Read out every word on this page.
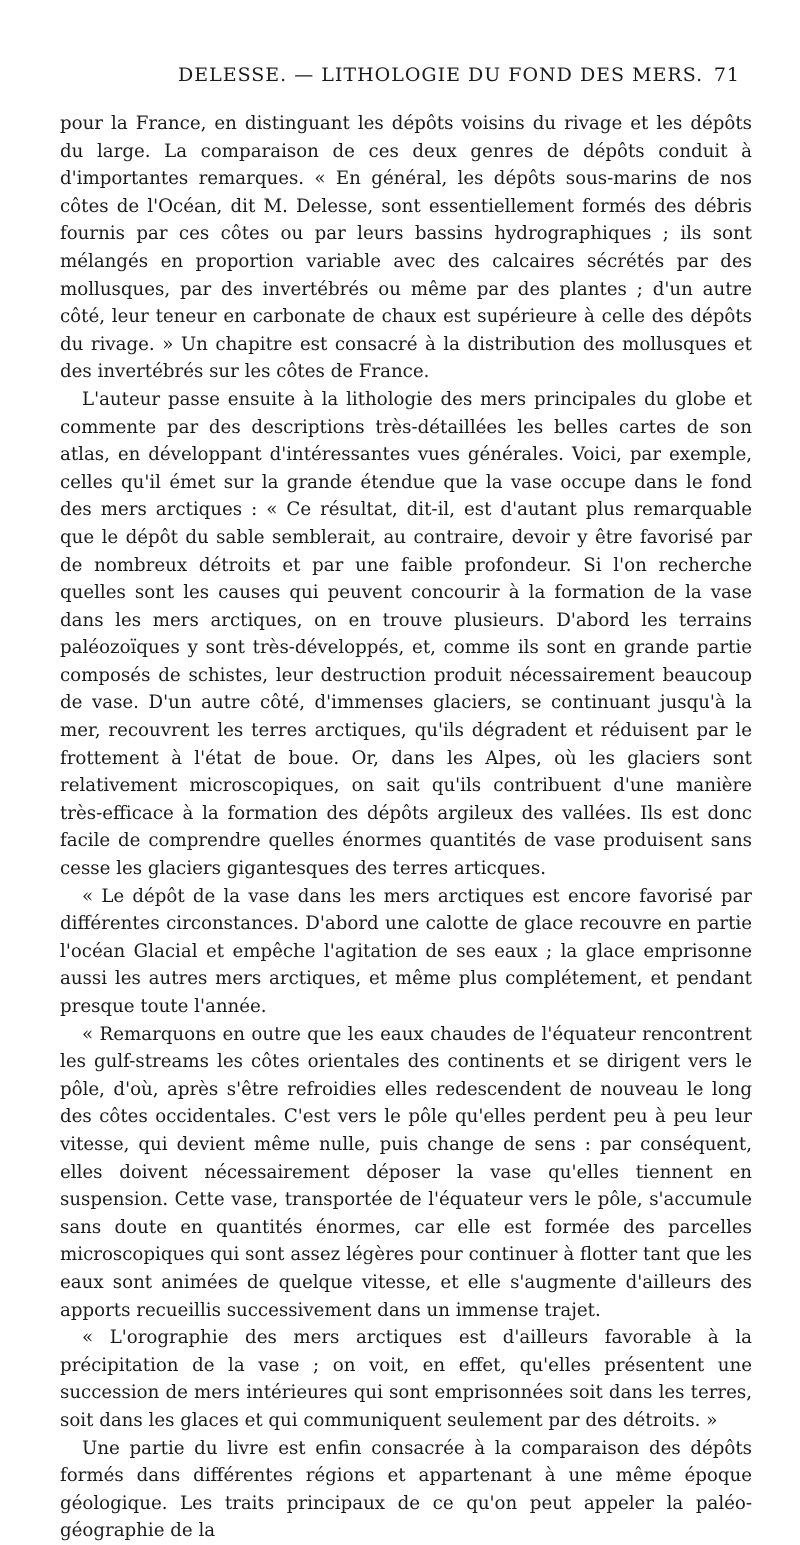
DELESSE. — LITHOLOGIE DU FOND DES MERS. 71

pour la France, en distinguant les dépôts voisins du rivage et les dépôts du large. La comparaison de ces deux genres de dépôts conduit à d'importantes remarques. « En général, les dépôts sous-marins de nos côtes de l'Océan, dit M. Delesse, sont essentiellement formés des débris fournis par ces côtes ou par leurs bassins hydrographiques ; ils sont mélangés en proportion variable avec des calcaires sécrétés par des mollusques, par des invertébrés ou même par des plantes ; d'un autre côté, leur teneur en carbonate de chaux est supérieure à celle des dépôts du rivage. » Un chapitre est consacré à la distribution des mollusques et des invertébrés sur les côtes de France.

L'auteur passe ensuite à la lithologie des mers principales du globe et commente par des descriptions très-détaillées les belles cartes de son atlas, en développant d'intéressantes vues générales. Voici, par exemple, celles qu'il émet sur la grande étendue que la vase occupe dans le fond des mers arctiques : « Ce résultat, dit-il, est d'autant plus remarquable que le dépôt du sable semblerait, au contraire, devoir y être favorisé par de nombreux détroits et par une faible profondeur. Si l'on recherche quelles sont les causes qui peuvent concourir à la formation de la vase dans les mers arctiques, on en trouve plusieurs. D'abord les terrains paléozoïques y sont très-développés, et, comme ils sont en grande partie composés de schistes, leur destruction produit nécessairement beaucoup de vase. D'un autre côté, d'immenses glaciers, se continuant jusqu'à la mer, recouvrent les terres arctiques, qu'ils dégradent et réduisent par le frottement à l'état de boue. Or, dans les Alpes, où les glaciers sont relativement microscopiques, on sait qu'ils contribuent d'une manière très-efficace à la formation des dépôts argileux des vallées. Ils est donc facile de comprendre quelles énormes quantités de vase produisent sans cesse les glaciers gigantesques des terres articques.

« Le dépôt de la vase dans les mers arctiques est encore favorisé par différentes circonstances. D'abord une calotte de glace recouvre en partie l'océan Glacial et empêche l'agitation de ses eaux ; la glace emprisonne aussi les autres mers arctiques, et même plus complétement, et pendant presque toute l'année.

« Remarquons en outre que les eaux chaudes de l'équateur rencontrent les gulf-streams les côtes orientales des continents et se dirigent vers le pôle, d'où, après s'être refroidies elles redescendent de nouveau le long des côtes occidentales. C'est vers le pôle qu'elles perdent peu à peu leur vitesse, qui devient même nulle, puis change de sens : par conséquent, elles doivent nécessairement déposer la vase qu'elles tiennent en suspension. Cette vase, transportée de l'équateur vers le pôle, s'accumule sans doute en quantités énormes, car elle est formée des parcelles microscopiques qui sont assez légères pour continuer à flotter tant que les eaux sont animées de quelque vitesse, et elle s'augmente d'ailleurs des apports recueillis successivement dans un immense trajet.

« L'orographie des mers arctiques est d'ailleurs favorable à la précipitation de la vase ; on voit, en effet, qu'elles présentent une succession de mers intérieures qui sont emprisonnées soit dans les terres, soit dans les glaces et qui communiquent seulement par des détroits. »

Une partie du livre est enfin consacrée à la comparaison des dépôts formés dans différentes régions et appartenant à une même époque géologique. Les traits principaux de ce qu'on peut appeler la paléo-géographie de la
